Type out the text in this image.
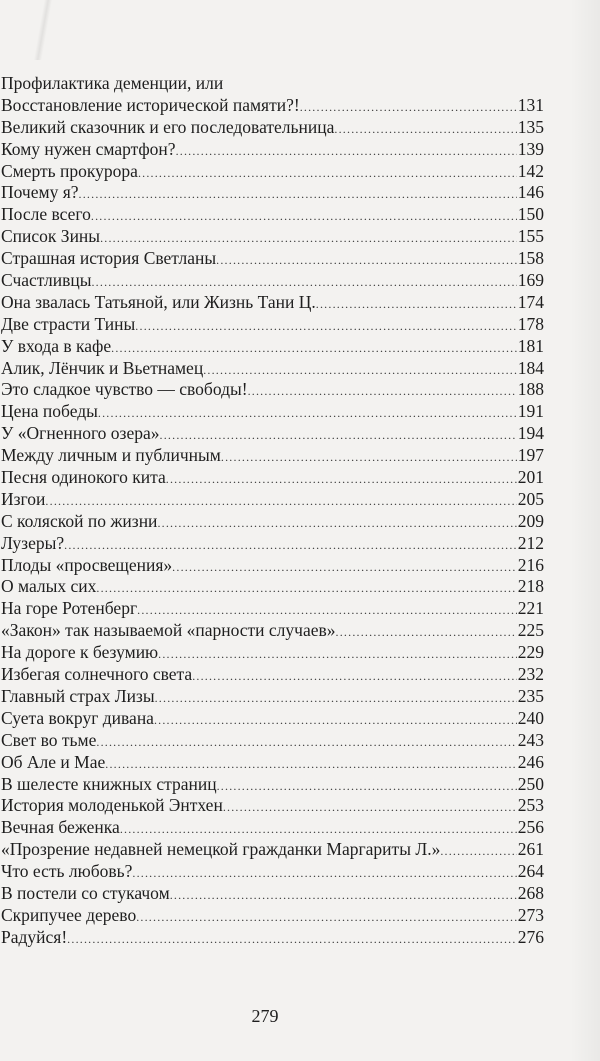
Профилактика деменции, или
Восстановление исторической памяти?! .....	131
Великий сказочник и его последовательница .....	135
Кому нужен смартфон? .....	139
Смерть прокурора .....	142
Почему я? .....	146
После всего .....	150
Список Зины .....	155
Страшная история Светланы .....	158
Счастливцы .....	169
Она звалась Татьяной, или Жизнь Тани Ц. .....	174
Две страсти Тины .....	178
У входа в кафе .....	181
Алик, Лёнчик и Вьетнамец .....	184
Это сладкое чувство — свободы! .....	188
Цена победы .....	191
У «Огненного озера» .....	194
Между личным и публичным .....	197
Песня одинокого кита .....	201
Изгои .....	205
С коляской по жизни .....	209
Лузеры? .....	212
Плоды «просвещения» .....	216
О малых сих .....	218
На горе Ротенберг .....	221
«Закон» так называемой «парности случаев» .....	225
На дороге к безумию .....	229
Избегая солнечного света .....	232
Главный страх Лизы .....	235
Суета вокруг дивана .....	240
Свет во тьме .....	243
Об Але и Мае .....	246
В шелесте книжных страниц .....	250
История молоденькой Энтхен .....	253
Вечная беженка .....	256
«Прозрение недавней немецкой гражданки Маргариты Л.» .....	261
Что есть любовь? .....	264
В постели со стукачом .....	268
Скрипучее дерево .....	273
Радуйся! .....	276
279
